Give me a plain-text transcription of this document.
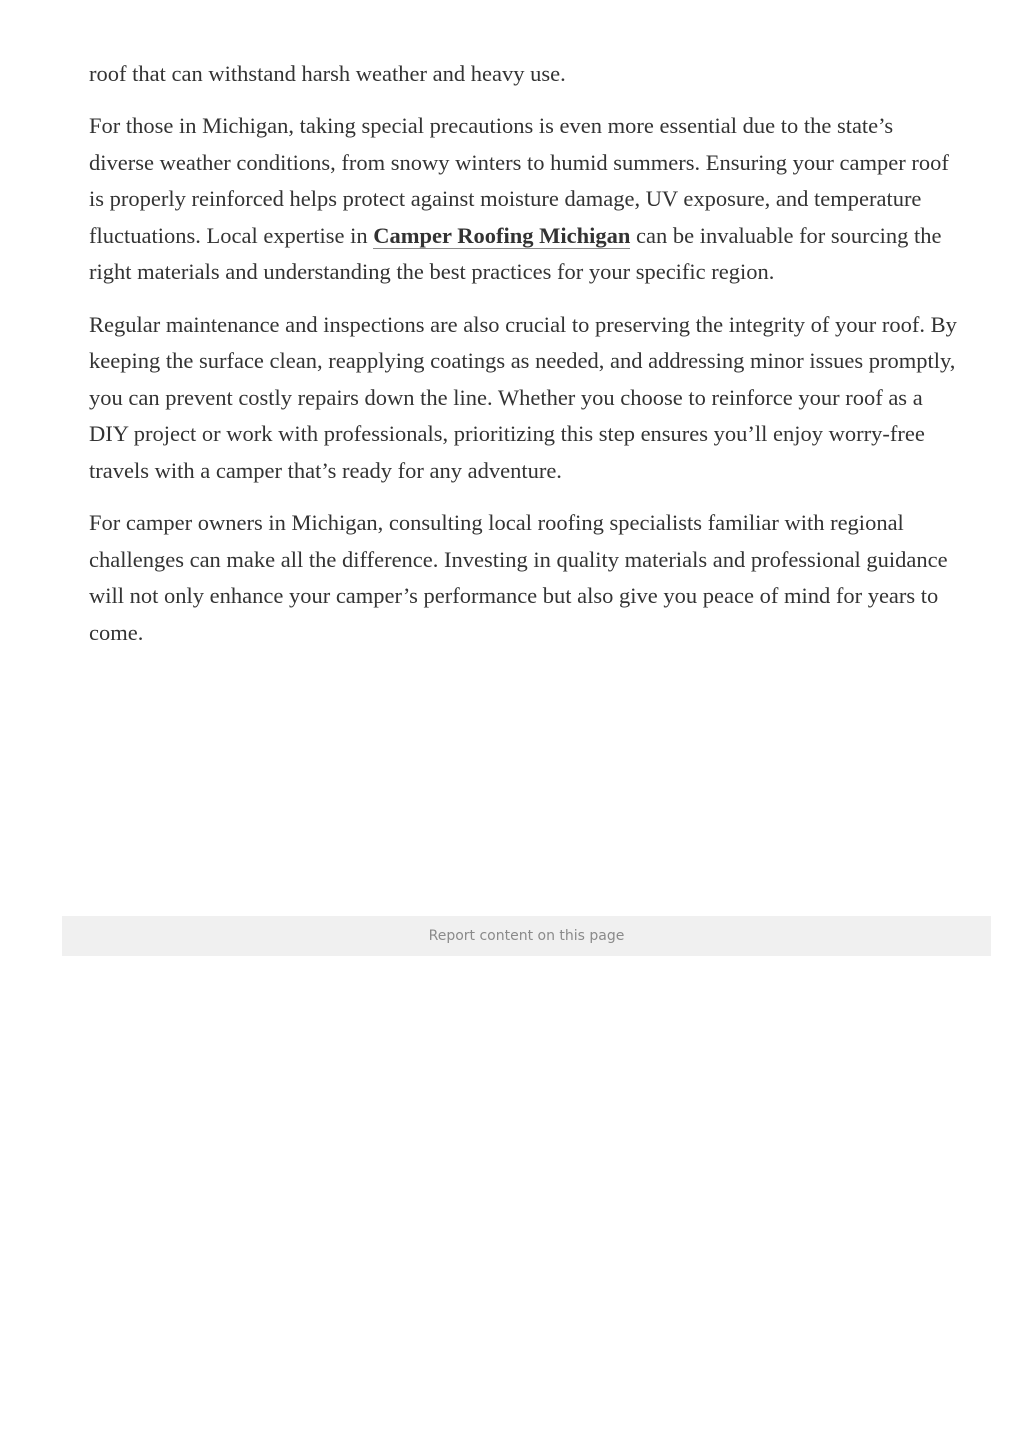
roof that can withstand harsh weather and heavy use.

For those in Michigan, taking special precautions is even more essential due to the state’s diverse weather conditions, from snowy winters to humid summers. Ensuring your camper roof is properly reinforced helps protect against moisture damage, UV exposure, and temperature fluctuations. Local expertise in Camper Roofing Michigan can be invaluable for sourcing the right materials and understanding the best practices for your specific region.

Regular maintenance and inspections are also crucial to preserving the integrity of your roof. By keeping the surface clean, reapplying coatings as needed, and addressing minor issues promptly, you can prevent costly repairs down the line. Whether you choose to reinforce your roof as a DIY project or work with professionals, prioritizing this step ensures you’ll enjoy worry-free travels with a camper that’s ready for any adventure.

For camper owners in Michigan, consulting local roofing specialists familiar with regional challenges can make all the difference. Investing in quality materials and professional guidance will not only enhance your camper’s performance but also give you peace of mind for years to come.

Report content on this page
